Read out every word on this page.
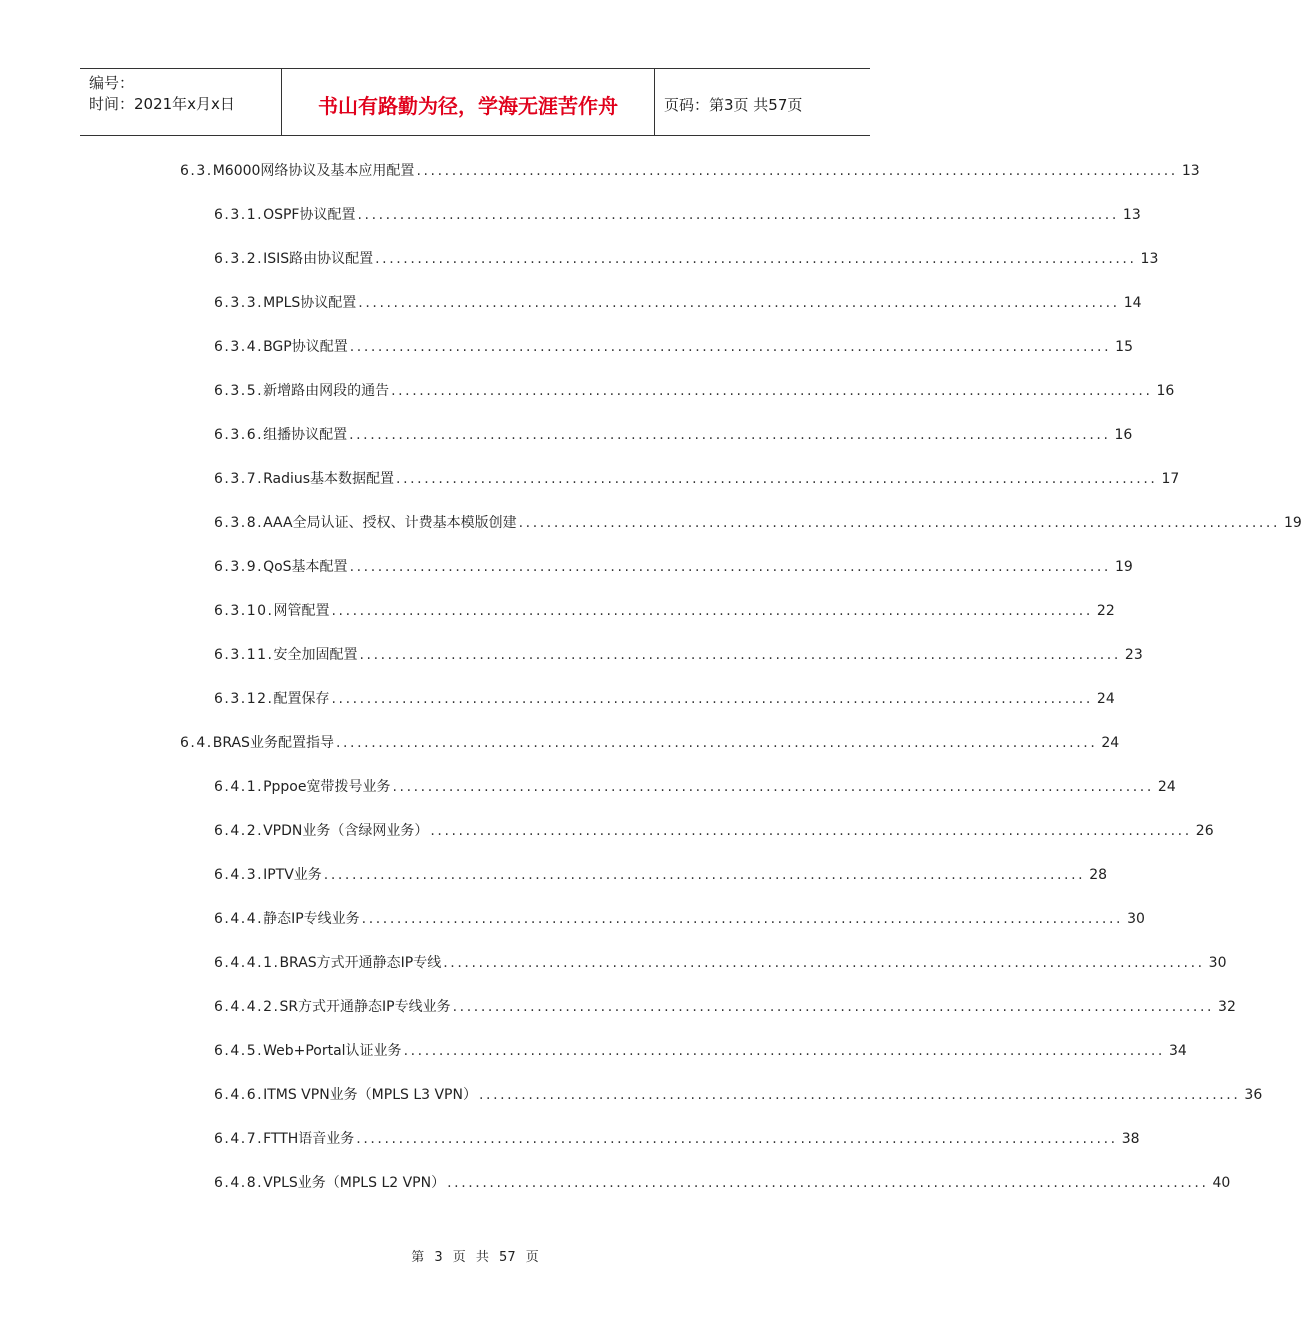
编号：
时间：2021年x月x日	书山有路勤为径，学海无涯苦作舟	页码：第3页 共57页
6.3. M6000网络协议及基本应用配置 ............................................................................................................ 13
6.3.1. OSPF协议配置 ............................................................................................................ 13
6.3.2. ISIS路由协议配置 ............................................................................................................ 13
6.3.3. MPLS协议配置 ............................................................................................................ 14
6.3.4. BGP协议配置 ............................................................................................................ 15
6.3.5. 新增路由网段的通告 ............................................................................................................ 16
6.3.6. 组播协议配置 ............................................................................................................ 16
6.3.7. Radius基本数据配置 ............................................................................................................ 17
6.3.8. AAA全局认证、授权、计费基本模版创建 ............................................................................................................ 19
6.3.9. QoS基本配置 ............................................................................................................ 19
6.3.10. 网管配置 ............................................................................................................ 22
6.3.11. 安全加固配置 ............................................................................................................ 23
6.3.12. 配置保存 ............................................................................................................ 24
6.4. BRAS业务配置指导 ............................................................................................................ 24
6.4.1. Pppoe宽带拨号业务 ............................................................................................................ 24
6.4.2. VPDN业务（含绿网业务） ............................................................................................................ 26
6.4.3. IPTV业务 ............................................................................................................ 28
6.4.4. 静态IP专线业务 ............................................................................................................ 30
6.4.4.1. BRAS方式开通静态IP专线 ............................................................................................................ 30
6.4.4.2. SR方式开通静态IP专线业务 ............................................................................................................ 32
6.4.5. Web+Portal认证业务 ............................................................................................................ 34
6.4.6. ITMS VPN业务（MPLS L3 VPN） ............................................................................................................ 36
6.4.7. FTTH语音业务 ............................................................................................................ 38
6.4.8. VPLS业务（MPLS L2 VPN） ............................................................................................................ 40
第 3 页 共 57 页
